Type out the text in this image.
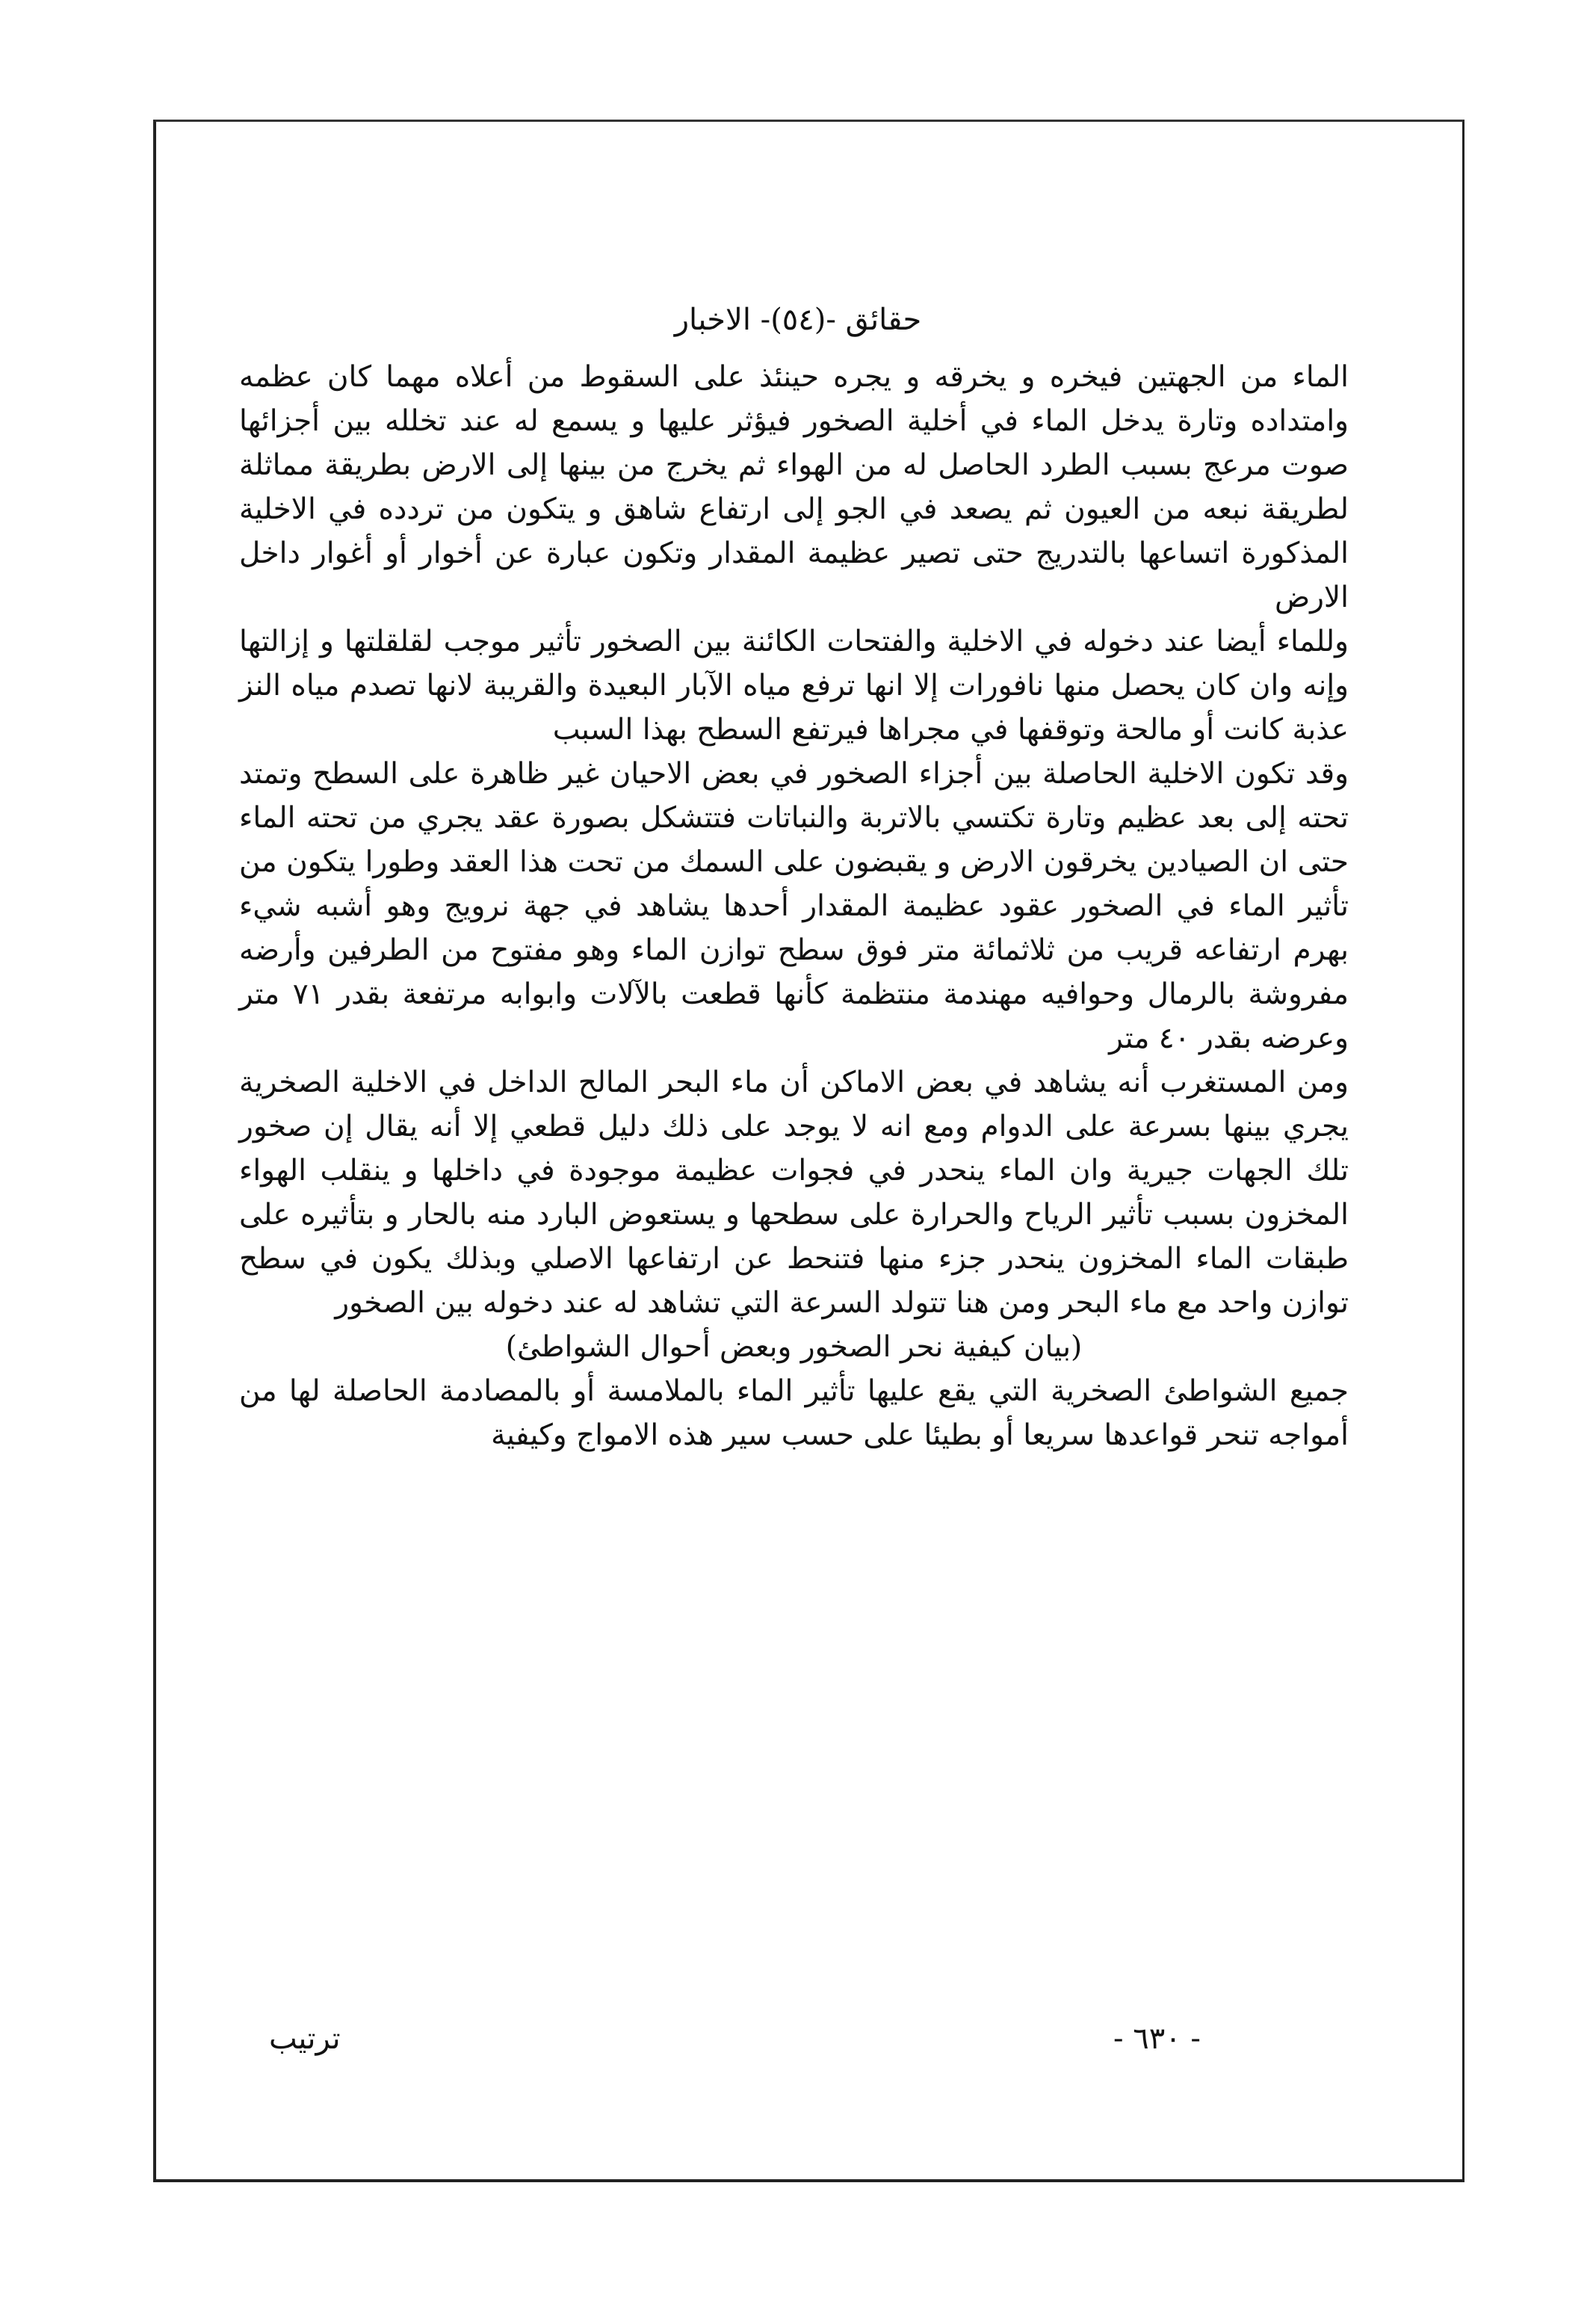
حقائق -(٥٤)- الاخبار

الماء من الجهتين فيخره و يخرقه و يجره حينئذ على السقوط من أعلاه مهما كان عظمه وامتداده وتارة يدخل الماء في أخلية الصخور فيؤثر عليها و يسمع له عند تخلله بين أجزائها صوت مرعج بسبب الطرد الحاصل له من الهواء ثم يخرج من بينها إلى الارض بطريقة مماثلة لطريقة نبعه من العيون ثم يصعد في الجو إلى ارتفاع شاهق و يتكون من تردده في الاخلية المذكورة اتساعها بالتدريج حتى تصير عظيمة المقدار وتكون عبارة عن أخوار أو أغوار داخل الارض

وللماء أيضا عند دخوله في الاخلية والفتحات الكائنة بين الصخور تأثير موجب لقلقلتها و إزالتها وإنه وان كان يحصل منها نافورات إلا انها ترفع مياه الآبار البعيدة والقريبة لانها تصدم مياه النز عذبة كانت أو مالحة وتوقفها في مجراها فيرتفع السطح بهذا السبب

وقد تكون الاخلية الحاصلة بين أجزاء الصخور في بعض الاحيان غير ظاهرة على السطح وتمتد تحته إلى بعد عظيم وتارة تكتسي بالاتربة والنباتات فتتشكل بصورة عقد يجري من تحته الماء حتى ان الصيادين يخرقون الارض و يقبضون على السمك من تحت هذا العقد وطورا يتكون من تأثير الماء في الصخور عقود عظيمة المقدار أحدها يشاهد في جهة نرويج وهو أشبه شيء بهرم ارتفاعه قريب من ثلاثمائة متر فوق سطح توازن الماء وهو مفتوح من الطرفين وأرضه مفروشة بالرمال وحوافيه مهندمة منتظمة كأنها قطعت بالآلات وابوابه مرتفعة بقدر ٧١ متر وعرضه بقدر ٤٠ متر

ومن المستغرب أنه يشاهد في بعض الاماكن أن ماء البحر المالح الداخل في الاخلية الصخرية يجري بينها بسرعة على الدوام ومع انه لا يوجد على ذلك دليل قطعي إلا أنه يقال إن صخور تلك الجهات جيرية وان الماء ينحدر في فجوات عظيمة موجودة في داخلها و ينقلب الهواء المخزون بسبب تأثير الرياح والحرارة على سطحها و يستعوض البارد منه بالحار و بتأثيره على طبقات الماء المخزون ينحدر جزء منها فتنحط عن ارتفاعها الاصلي وبذلك يكون في سطح توازن واحد مع ماء البحر ومن هنا تتولد السرعة التي تشاهد له عند دخوله بين الصخور

(بيان كيفية نحر الصخور وبعض أحوال الشواطئ)

جميع الشواطئ الصخرية التي يقع عليها تأثير الماء بالملامسة أو بالمصادمة الحاصلة لها من أمواجه تنحر قواعدها سريعا أو بطيئا على حسب سير هذه الامواج وكيفية

ترتيب	- ٦٣٠ -
